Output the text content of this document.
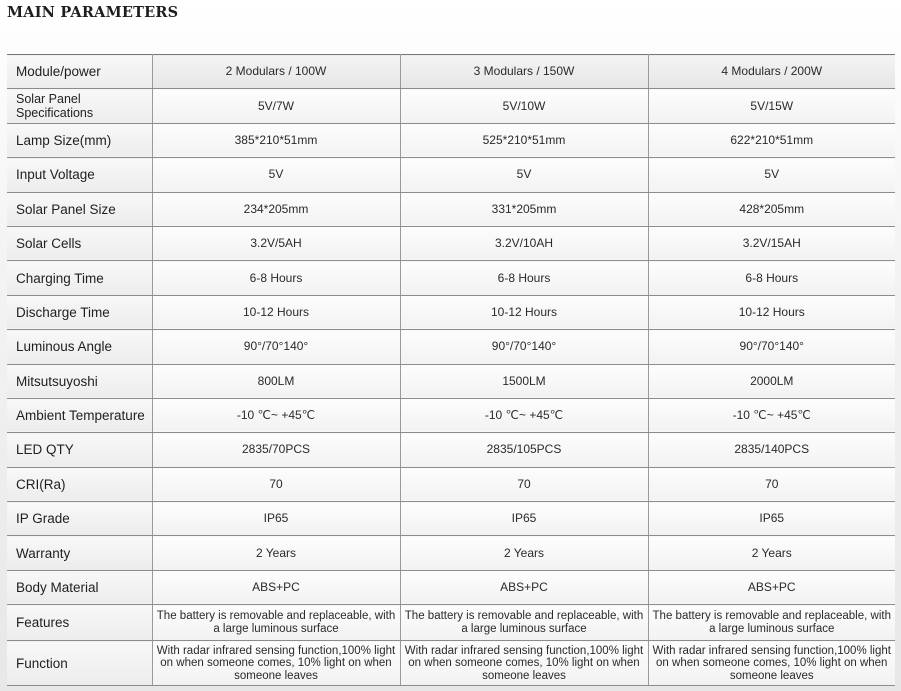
MAIN PARAMETERS
Module/power	2 Modulars / 100W	3 Modulars / 150W	4 Modulars / 200W
Solar Panel Specifications	5V/7W	5V/10W	5V/15W
Lamp Size(mm)	385*210*51mm	525*210*51mm	622*210*51mm
Input Voltage	5V	5V	5V
Solar Panel Size	234*205mm	331*205mm	428*205mm
Solar Cells	3.2V/5AH	3.2V/10AH	3.2V/15AH
Charging Time	6-8 Hours	6-8 Hours	6-8 Hours
Discharge Time	10-12 Hours	10-12 Hours	10-12 Hours
Luminous Angle	90°/70°140°	90°/70°140°	90°/70°140°
Mitsutsuyoshi	800LM	1500LM	2000LM
Ambient Temperature	-10 ℃~ +45℃	-10 ℃~ +45℃	-10 ℃~ +45℃
LED QTY	2835/70PCS	2835/105PCS	2835/140PCS
CRI(Ra)	70	70	70
IP Grade	IP65	IP65	IP65
Warranty	2 Years	2 Years	2 Years
Body Material	ABS+PC	ABS+PC	ABS+PC
Features	The battery is removable and replaceable, with a large luminous surface	The battery is removable and replaceable, with a large luminous surface	The battery is removable and replaceable, with a large luminous surface
Function	With radar infrared sensing function,100% light on when someone comes, 10% light on when someone leaves	With radar infrared sensing function,100% light on when someone comes, 10% light on when someone leaves	With radar infrared sensing function,100% light on when someone comes, 10% light on when someone leaves
